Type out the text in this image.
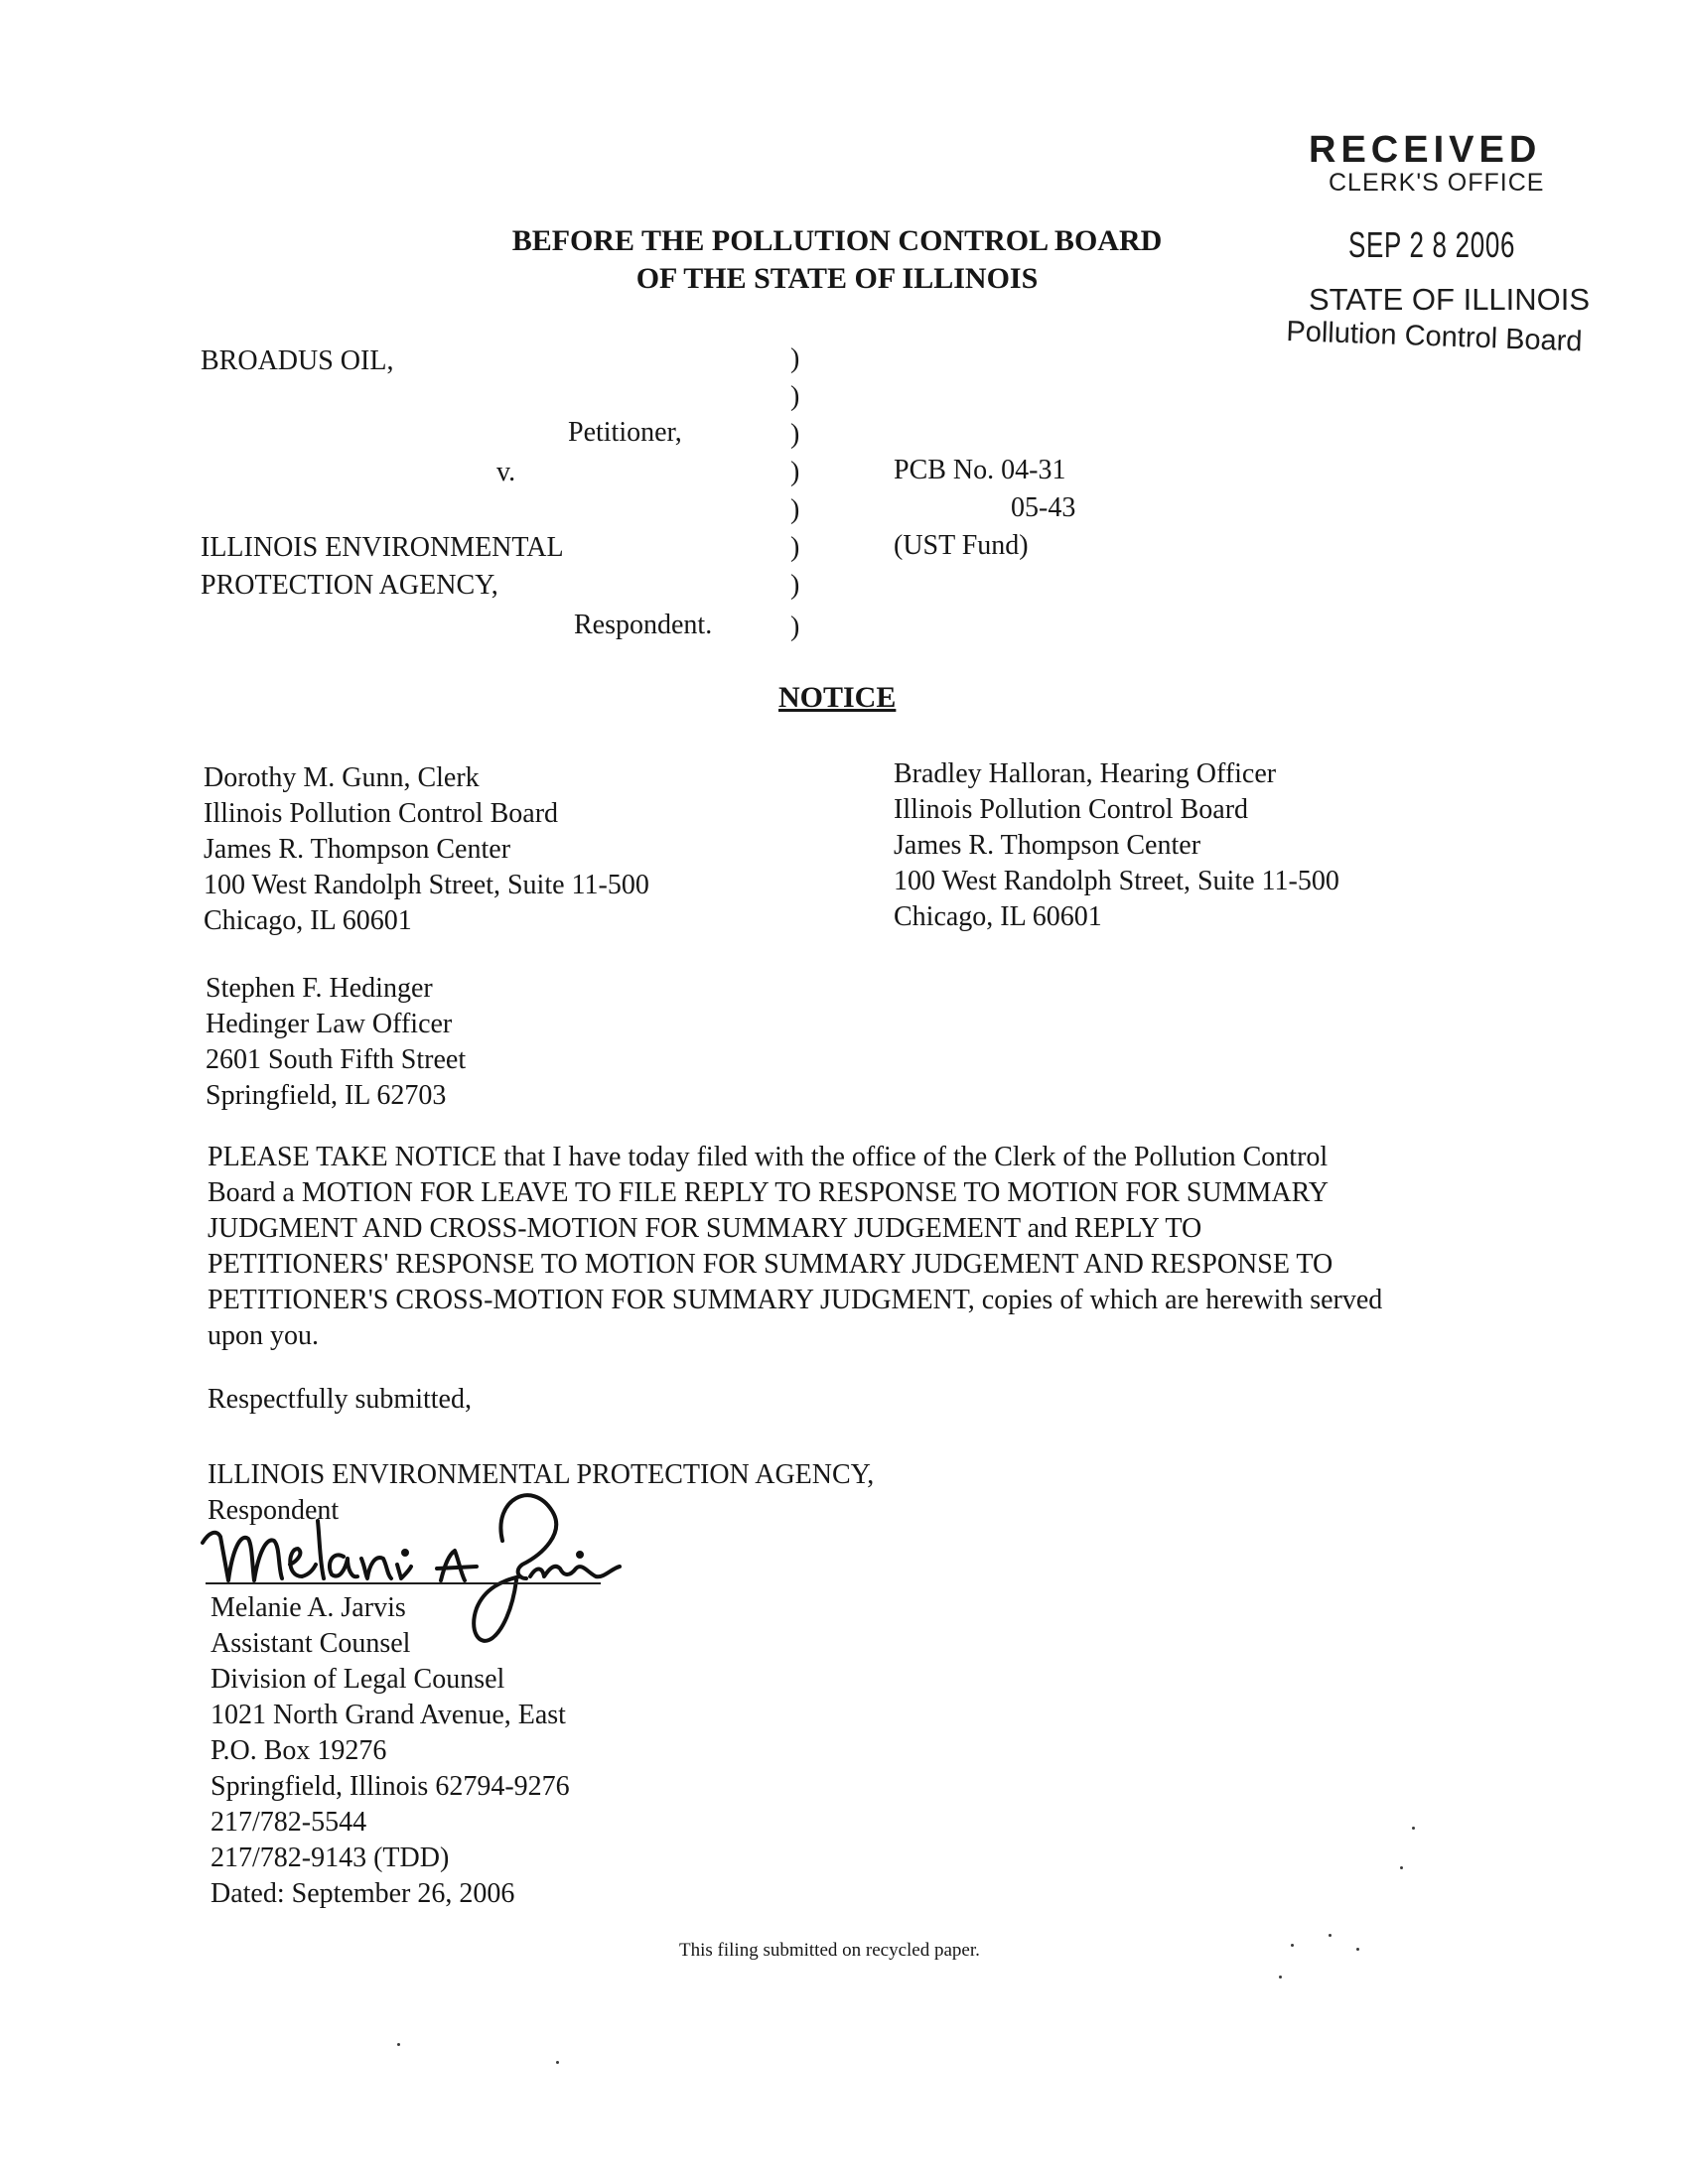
RECEIVED
CLERK'S OFFICE
SEP 2 8 2006
STATE OF ILLINOIS
Pollution Control Board
BEFORE THE POLLUTION CONTROL BOARD
OF THE STATE OF ILLINOIS
BROADUS OIL,
Petitioner,
v.
ILLINOIS ENVIRONMENTAL
PROTECTION AGENCY,
Respondent.
)
)
)
)
)
)
)
)
PCB No. 04-31
05-43
(UST Fund)
NOTICE
Dorothy M. Gunn, Clerk
Illinois Pollution Control Board
James R. Thompson Center
100 West Randolph Street, Suite 11-500
Chicago, IL 60601
Bradley Halloran, Hearing Officer
Illinois Pollution Control Board
James R. Thompson Center
100 West Randolph Street, Suite 11-500
Chicago, IL 60601
Stephen F. Hedinger
Hedinger Law Officer
2601 South Fifth Street
Springfield, IL 62703
PLEASE TAKE NOTICE that I have today filed with the office of the Clerk of the Pollution Control
Board a MOTION FOR LEAVE TO FILE REPLY TO RESPONSE TO MOTION FOR SUMMARY
JUDGMENT AND CROSS-MOTION FOR SUMMARY JUDGEMENT and REPLY TO
PETITIONERS' RESPONSE TO MOTION FOR SUMMARY JUDGEMENT AND RESPONSE TO
PETITIONER'S CROSS-MOTION FOR SUMMARY JUDGMENT, copies of which are herewith served
upon you.
Respectfully submitted,
ILLINOIS ENVIRONMENTAL PROTECTION AGENCY,
Respondent
Melanie A. Jarvis
Assistant Counsel
Division of Legal Counsel
1021 North Grand Avenue, East
P.O. Box 19276
Springfield, Illinois 62794-9276
217/782-5544
217/782-9143 (TDD)
Dated: September 26, 2006
This filing submitted on recycled paper.
